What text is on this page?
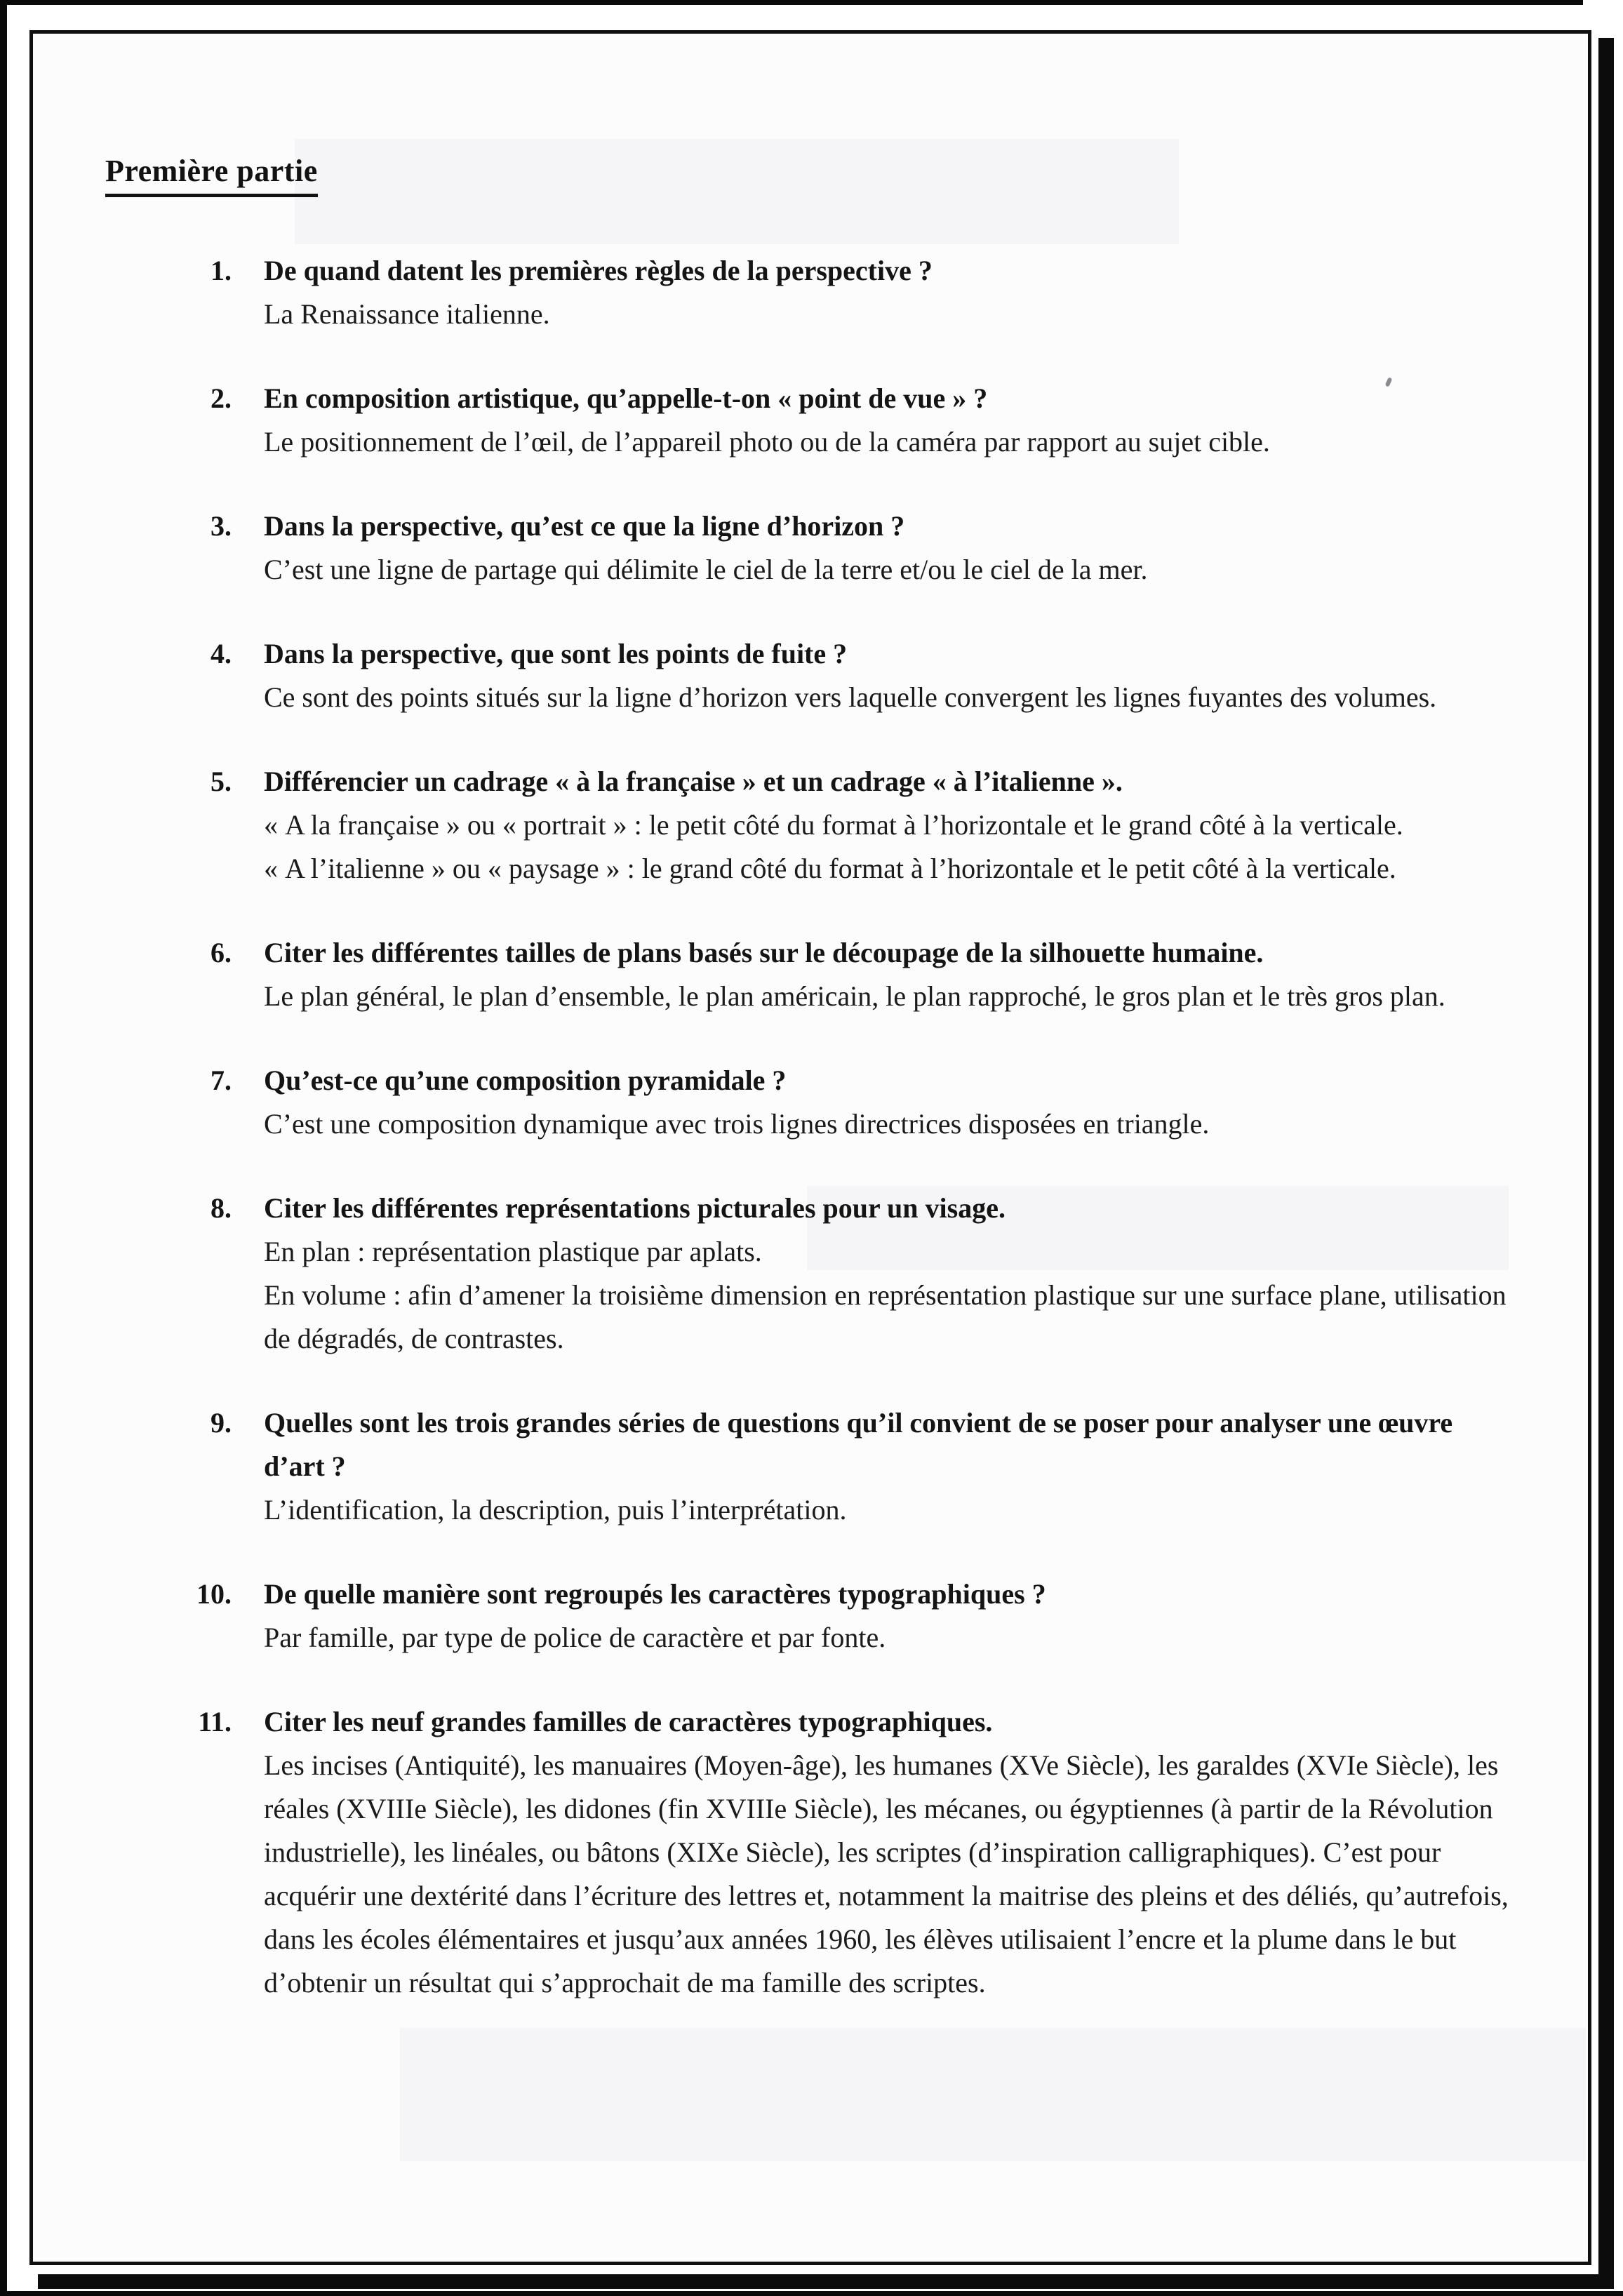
Première partie
1.	De quand datent les premières règles de la perspective ?

La Renaissance italienne.

2.	En composition artistique, qu’appelle-t-on « point de vue » ?

Le positionnement de l’œil, de l’appareil photo ou de la caméra par rapport au sujet cible.

3.	Dans la perspective, qu’est ce que la ligne d’horizon ?

C’est une ligne de partage qui délimite le ciel de la terre et/ou le ciel de la mer.

4.	Dans la perspective, que sont les points de fuite ?

Ce sont des points situés sur la ligne d’horizon vers laquelle convergent les lignes fuyantes des volumes.

5.	Différencier un cadrage « à la française » et un cadrage « à l’italienne ».

« A la française » ou « portrait » : le petit côté du format à l’horizontale et le grand côté à la verticale.

« A l’italienne » ou « paysage » : le grand côté du format à l’horizontale et le petit côté à la verticale.

6.	Citer les différentes tailles de plans basés sur le découpage de la silhouette humaine.

Le plan général, le plan d’ensemble, le plan américain, le plan rapproché, le gros plan et le très gros plan.

7.	Qu’est-ce qu’une composition pyramidale ?

C’est une composition dynamique avec trois lignes directrices disposées en triangle.

8.	Citer les différentes représentations picturales pour un visage.

En plan : représentation plastique par aplats.

En volume : afin d’amener la troisième dimension en représentation plastique sur une surface plane, utilisation de dégradés, de contrastes.

9.	Quelles sont les trois grandes séries de questions qu’il convient de se poser pour analyser une œuvre d’art ?

L’identification, la description, puis l’interprétation.

10.	De quelle manière sont regroupés les caractères typographiques ?

Par famille, par type de police de caractère et par fonte.

11.	Citer les neuf grandes familles de caractères typographiques.

Les incises (Antiquité), les manuaires (Moyen-âge), les humanes (XVe Siècle), les garaldes (XVIe Siècle), les réales (XVIIIe Siècle), les didones (fin XVIIIe Siècle), les mécanes, ou égyptiennes (à partir de la Révolution industrielle), les linéales, ou bâtons (XIXe Siècle), les scriptes (d’inspiration calligraphiques). C’est pour acquérir une dextérité dans l’écriture des lettres et, notamment la maitrise des pleins et des déliés, qu’autrefois, dans les écoles élémentaires et jusqu’aux années 1960, les élèves utilisaient l’encre et la plume dans le but d’obtenir un résultat qui s’approchait de ma famille des scriptes.
